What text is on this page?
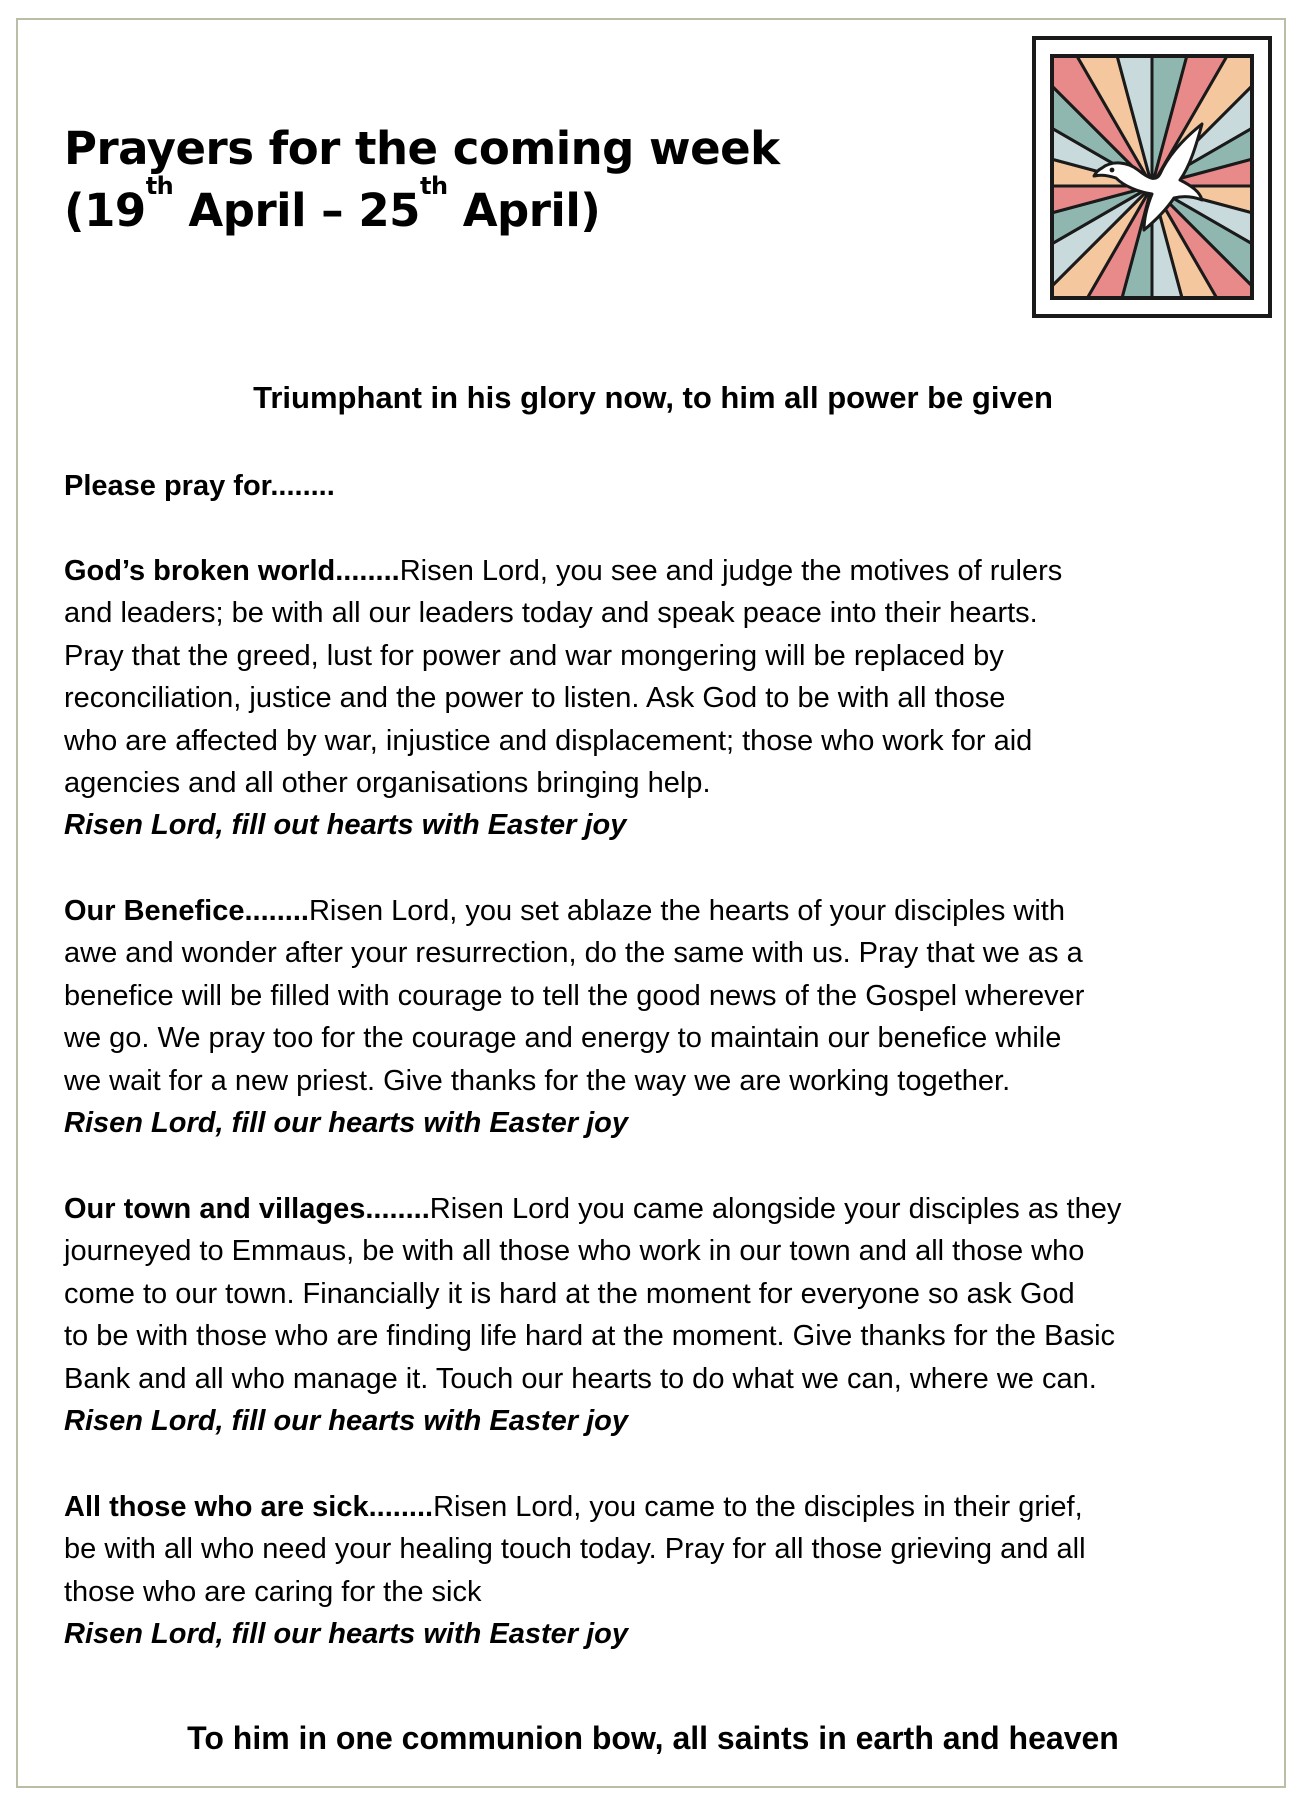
Prayers for the coming week
(19th April – 25th April)
Triumphant in his glory now, to him all power be given
Please pray for........
God’s broken world........Risen Lord, you see and judge the motives of rulers
and leaders; be with all our leaders today and speak peace into their hearts.
Pray that the greed, lust for power and war mongering will be replaced by
reconciliation, justice and the power to listen. Ask God to be with all those
who are affected by war, injustice and displacement; those who work for aid
agencies and all other organisations bringing help.
Risen Lord, fill out hearts with Easter joy
Our Benefice........Risen Lord, you set ablaze the hearts of your disciples with
awe and wonder after your resurrection, do the same with us. Pray that we as a
benefice will be filled with courage to tell the good news of the Gospel wherever
we go. We pray too for the courage and energy to maintain our benefice while
we wait for a new priest. Give thanks for the way we are working together.
Risen Lord, fill our hearts with Easter joy
Our town and villages........Risen Lord you came alongside your disciples as they
journeyed to Emmaus, be with all those who work in our town and all those who
come to our town. Financially it is hard at the moment for everyone so ask God
to be with those who are finding life hard at the moment. Give thanks for the Basic
Bank and all who manage it. Touch our hearts to do what we can, where we can.
Risen Lord, fill our hearts with Easter joy
All those who are sick........Risen Lord, you came to the disciples in their grief,
be with all who need your healing touch today. Pray for all those grieving and all
those who are caring for the sick
Risen Lord, fill our hearts with Easter joy
To him in one communion bow, all saints in earth and heaven
